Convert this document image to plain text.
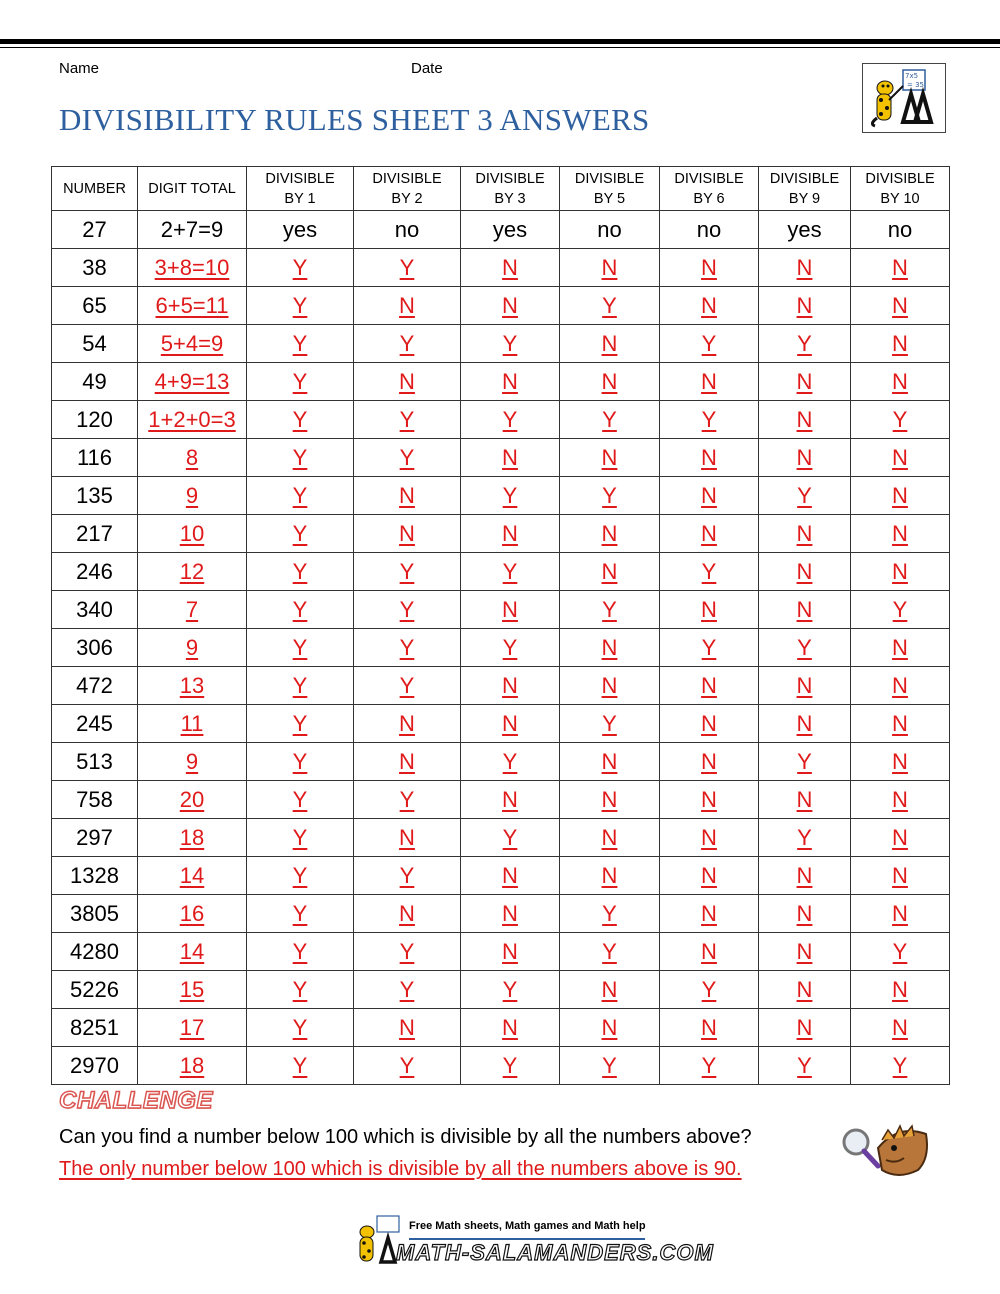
Name	Date
DIVISIBILITY RULES SHEET 3 ANSWERS
7x5
= 35
NUMBER	DIGIT TOTAL	DIVISIBLE
BY 1	DIVISIBLE
BY 2	DIVISIBLE
BY 3	DIVISIBLE
BY 5	DIVISIBLE
BY 6	DIVISIBLE
BY 9	DIVISIBLE
BY 10
27	2+7=9	yes	no	yes	no	no	yes	no
38	3+8=10	Y	Y	N	N	N	N	N
65	6+5=11	Y	N	N	Y	N	N	N
54	5+4=9	Y	Y	Y	N	Y	Y	N
49	4+9=13	Y	N	N	N	N	N	N
120	1+2+0=3	Y	Y	Y	Y	Y	N	Y
116	8	Y	Y	N	N	N	N	N
135	9	Y	N	Y	Y	N	Y	N
217	10	Y	N	N	N	N	N	N
246	12	Y	Y	Y	N	Y	N	N
340	7	Y	Y	N	Y	N	N	Y
306	9	Y	Y	Y	N	Y	Y	N
472	13	Y	Y	N	N	N	N	N
245	11	Y	N	N	Y	N	N	N
513	9	Y	N	Y	N	N	Y	N
758	20	Y	Y	N	N	N	N	N
297	18	Y	N	Y	N	N	Y	N
1328	14	Y	Y	N	N	N	N	N
3805	16	Y	N	N	Y	N	N	N
4280	14	Y	Y	N	Y	N	N	Y
5226	15	Y	Y	Y	N	Y	N	N
8251	17	Y	N	N	N	N	N	N
2970	18	Y	Y	Y	Y	Y	Y	Y
CHALLENGE
Can you find a number below 100 which is divisible by all the numbers above?
The only number below 100 which is divisible by all the numbers above is 90.
Free Math sheets, Math games and Math help
MATH-SALAMANDERS.COM
